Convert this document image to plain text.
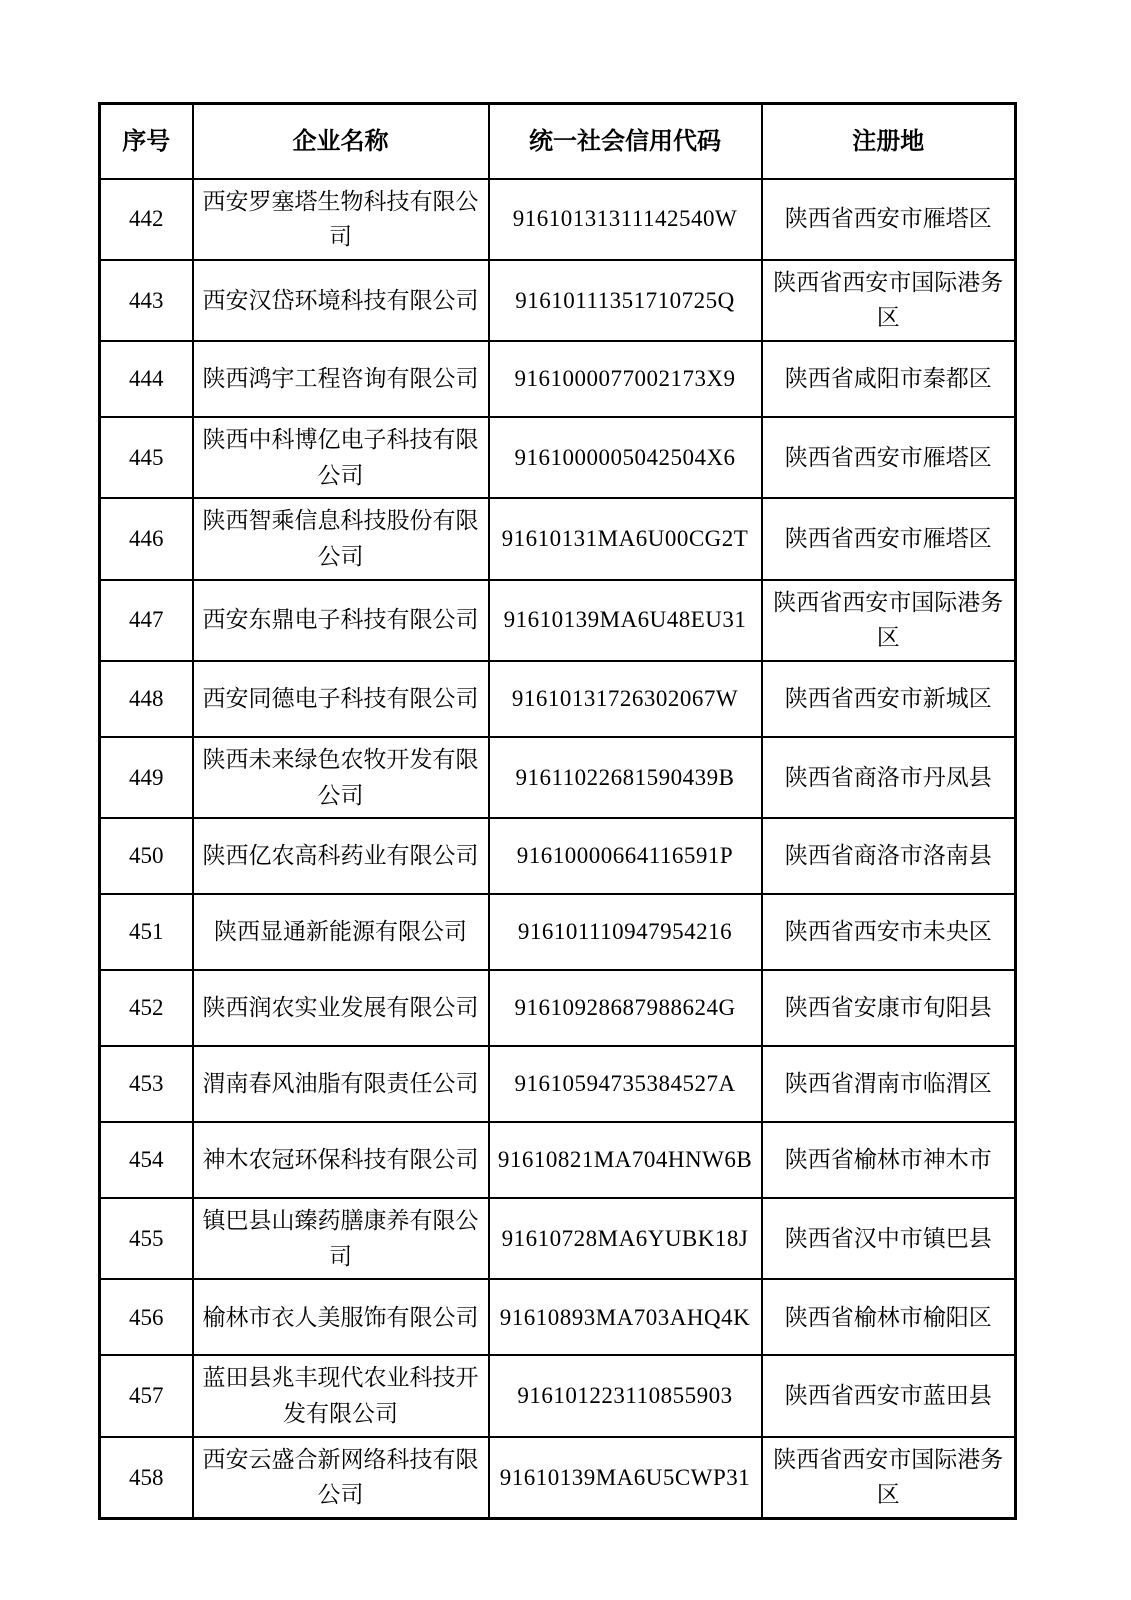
序号	企业名称	统一社会信用代码	注册地
442	西安罗塞塔生物科技有限公司	91610131311142540W	陕西省西安市雁塔区
443	西安汉岱环境科技有限公司	91610111351710725Q	陕西省西安市国际港务区
444	陕西鸿宇工程咨询有限公司	9161000077002173X9	陕西省咸阳市秦都区
445	陕西中科博亿电子科技有限公司	9161000005042504X6	陕西省西安市雁塔区
446	陕西智乘信息科技股份有限公司	91610131MA6U00CG2T	陕西省西安市雁塔区
447	西安东鼎电子科技有限公司	91610139MA6U48EU31	陕西省西安市国际港务区
448	西安同德电子科技有限公司	91610131726302067W	陕西省西安市新城区
449	陕西未来绿色农牧开发有限公司	91611022681590439B	陕西省商洛市丹凤县
450	陕西亿农高科药业有限公司	91610000664116591P	陕西省商洛市洛南县
451	陕西显通新能源有限公司	916101110947954216	陕西省西安市未央区
452	陕西润农实业发展有限公司	91610928687988624G	陕西省安康市旬阳县
453	渭南春风油脂有限责任公司	91610594735384527A	陕西省渭南市临渭区
454	神木农冠环保科技有限公司	91610821MA704HNW6B	陕西省榆林市神木市
455	镇巴县山臻药膳康养有限公司	91610728MA6YUBK18J	陕西省汉中市镇巴县
456	榆林市衣人美服饰有限公司	91610893MA703AHQ4K	陕西省榆林市榆阳区
457	蓝田县兆丰现代农业科技开发有限公司	916101223110855903	陕西省西安市蓝田县
458	西安云盛合新网络科技有限公司	91610139MA6U5CWP31	陕西省西安市国际港务区
